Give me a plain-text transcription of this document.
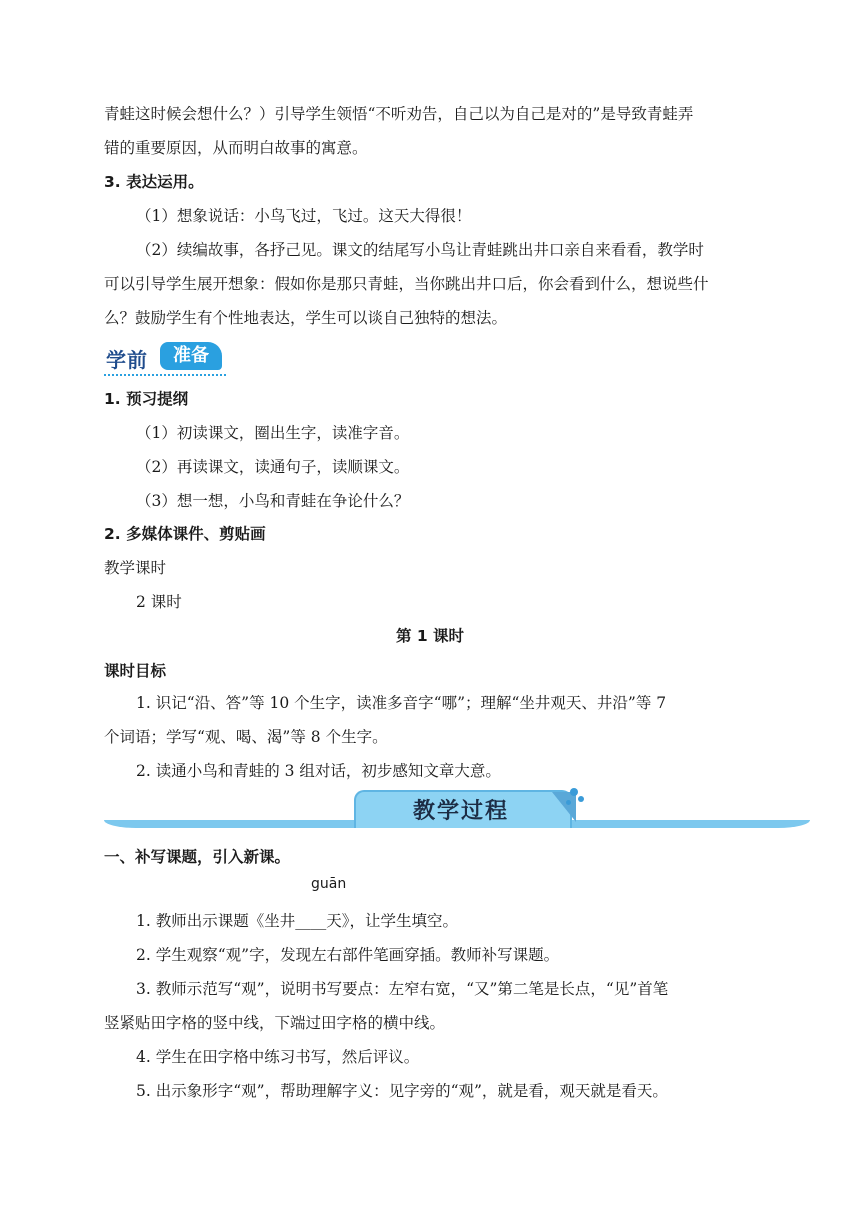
青蛙这时候会想什么？）引导学生领悟“不听劝告，自己以为自己是对的”是导致青蛙弄
错的重要原因，从而明白故事的寓意。
3. 表达运用。
（1）想象说话：小鸟飞过，飞过。这天大得很！
（2）续编故事，各抒己见。课文的结尾写小鸟让青蛙跳出井口亲自来看看，教学时
可以引导学生展开想象：假如你是那只青蛙，当你跳出井口后，你会看到什么，想说些什
么？鼓励学生有个性地表达，学生可以谈自己独特的想法。
学前	准备
1. 预习提纲
（1）初读课文，圈出生字，读准字音。
（2）再读课文，读通句子，读顺课文。
（3）想一想，小鸟和青蛙在争论什么？
2. 多媒体课件、剪贴画
教学课时
2 课时
第 1 课时
课时目标
1. 识记“沿、答”等 10 个生字，读准多音字“哪”；理解“坐井观天、井沿”等 7
个词语；学写“观、喝、渴”等 8 个生字。
2. 读通小鸟和青蛙的 3 组对话，初步感知文章大意。
教学过程
一、补写课题，引入新课。
guān
1. 教师出示课题《坐井____天》，让学生填空。
2. 学生观察“观”字，发现左右部件笔画穿插。教师补写课题。
3. 教师示范写“观”，说明书写要点：左窄右宽，“又”第二笔是长点，“见”首笔
竖紧贴田字格的竖中线，下端过田字格的横中线。
4. 学生在田字格中练习书写，然后评议。
5. 出示象形字“观”，帮助理解字义：见字旁的“观”，就是看，观天就是看天。
